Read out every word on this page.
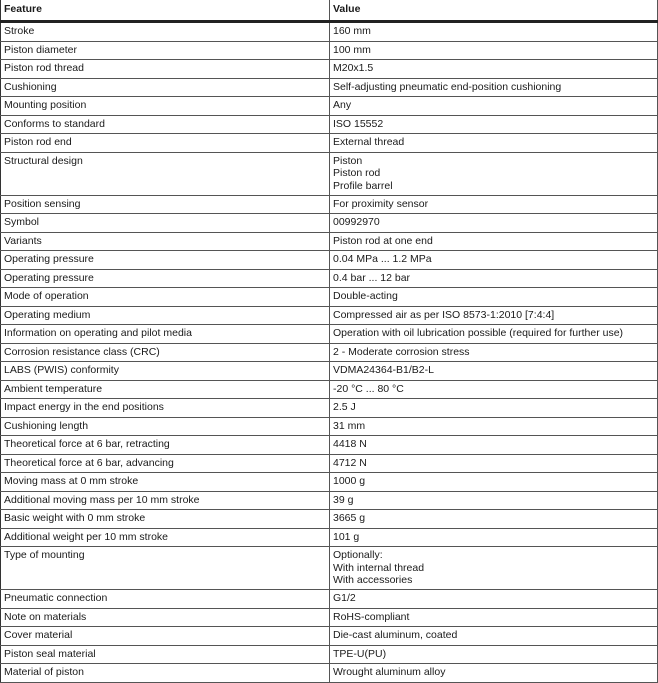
Feature	Value
Stroke	160 mm

Piston diameter	100 mm

Piston rod thread	M20x1.5

Cushioning	Self-adjusting pneumatic end-position cushioning

Mounting position	Any

Conforms to standard	ISO 15552

Piston rod end	External thread

Structural design	Piston
Piston rod
Profile barrel

Position sensing	For proximity sensor

Symbol	00992970

Variants	Piston rod at one end

Operating pressure	0.04 MPa ... 1.2 MPa

Operating pressure	0.4 bar ... 12 bar

Mode of operation	Double-acting

Operating medium	Compressed air as per ISO 8573-1:2010 [7:4:4]

Information on operating and pilot media	Operation with oil lubrication possible (required for further use)

Corrosion resistance class (CRC)	2 - Moderate corrosion stress

LABS (PWIS) conformity	VDMA24364-B1/B2-L

Ambient temperature	-20 °C ... 80 °C

Impact energy in the end positions	2.5 J

Cushioning length	31 mm

Theoretical force at 6 bar, retracting	4418 N

Theoretical force at 6 bar, advancing	4712 N

Moving mass at 0 mm stroke	1000 g

Additional moving mass per 10 mm stroke	39 g

Basic weight with 0 mm stroke	3665 g

Additional weight per 10 mm stroke	101 g

Type of mounting	Optionally:
With internal thread
With accessories

Pneumatic connection	G1/2

Note on materials	RoHS-compliant

Cover material	Die-cast aluminum, coated

Piston seal material	TPE-U(PU)

Material of piston	Wrought aluminum alloy
